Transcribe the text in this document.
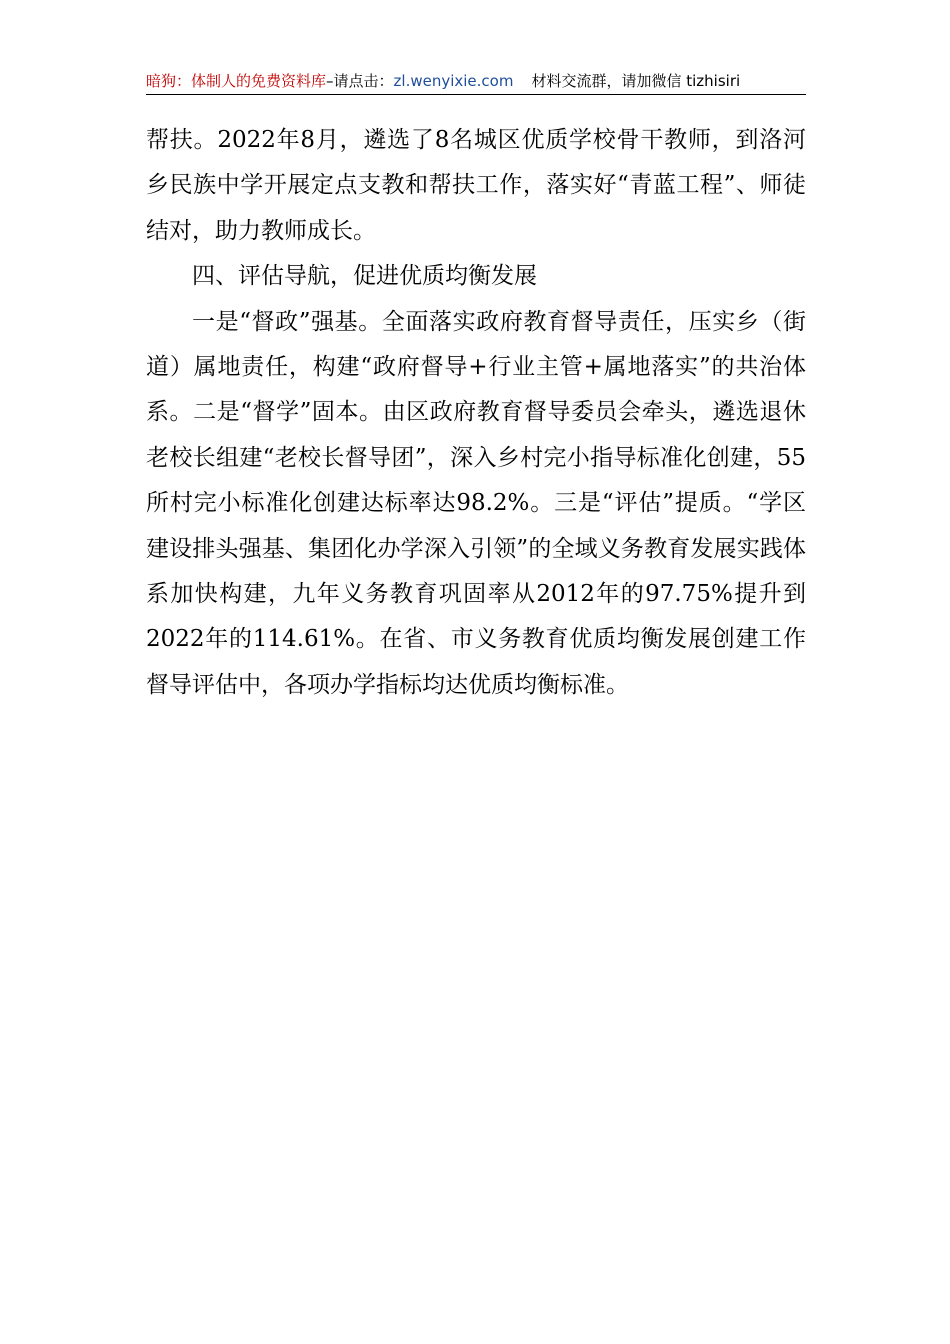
暗狗：体制人的免费资料库–请点击：zl.wenyixie.com 材料交流群，请加微信 tizhisiri

帮扶。2022年8月，遴选了8名城区优质学校骨干教师，到洛河乡民族中学开展定点支教和帮扶工作，落实好“青蓝工程”、师徒结对，助力教师成长。

四、评估导航，促进优质均衡发展

一是“督政”强基。全面落实政府教育督导责任，压实乡（街道）属地责任，构建“政府督导+行业主管+属地落实”的共治体系。二是“督学”固本。由区政府教育督导委员会牵头，遴选退休老校长组建“老校长督导团”，深入乡村完小指导标准化创建，55所村完小标准化创建达标率达98.2%。三是“评估”提质。“学区建设排头强基、集团化办学深入引领”的全域义务教育发展实践体系加快构建，九年义务教育巩固率从2012年的97.75%提升到2022年的114.61%。在省、市义务教育优质均衡发展创建工作督导评估中，各项办学指标均达优质均衡标准。
